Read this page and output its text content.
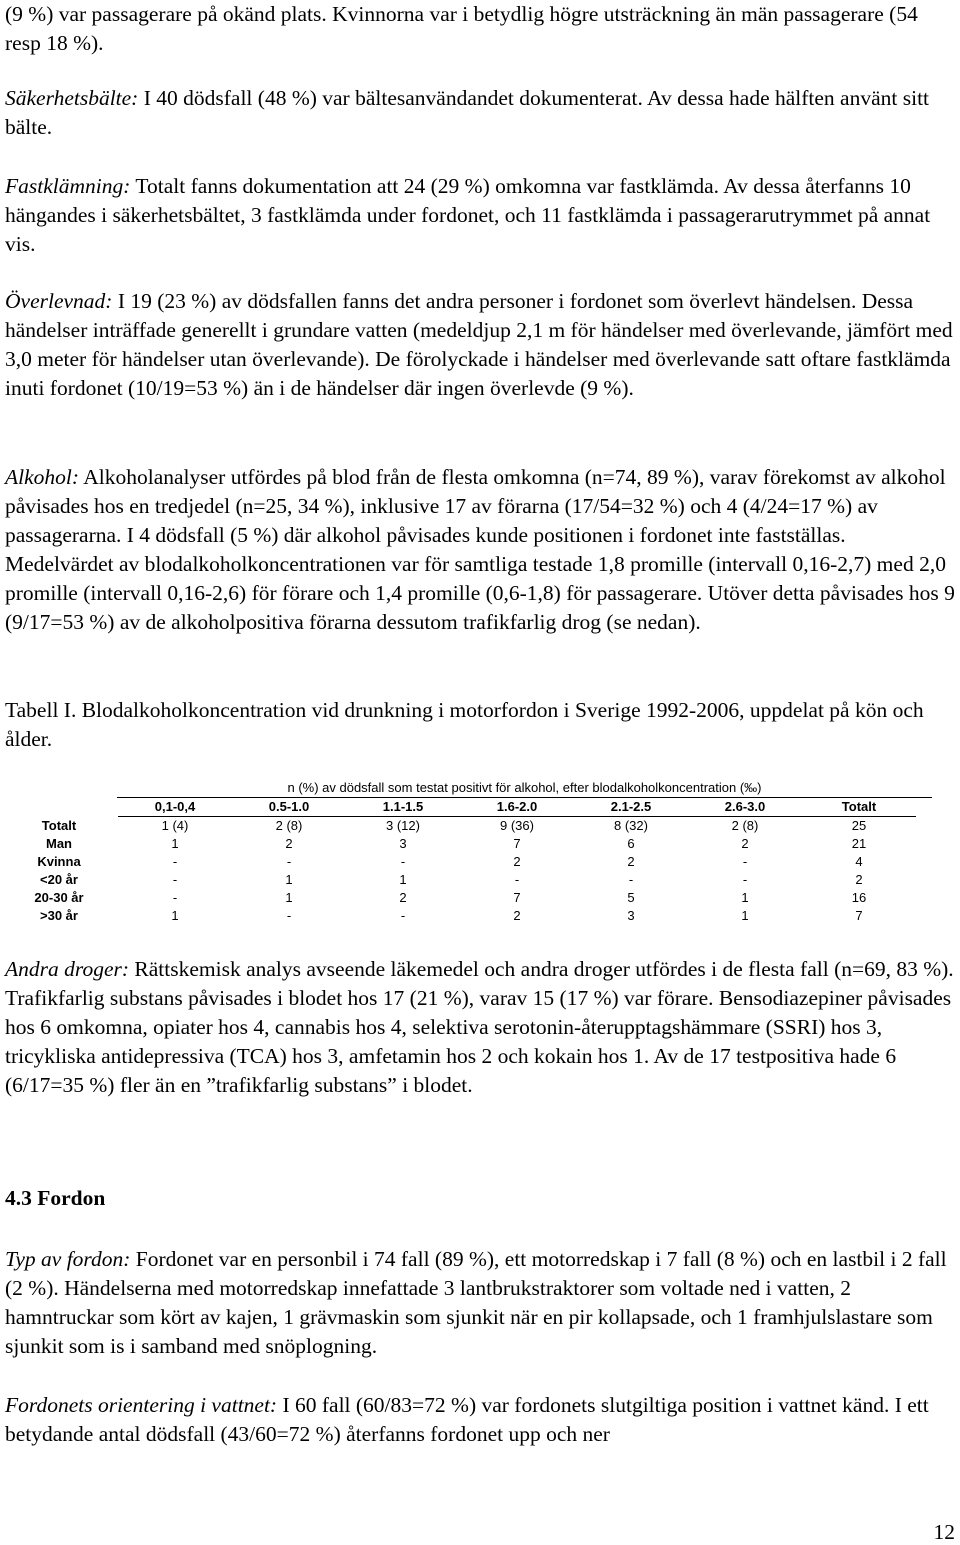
(9 %) var passagerare på okänd plats. Kvinnorna var i betydlig högre utsträckning än män passagerare (54 resp 18 %).

Säkerhetsbälte: I 40 dödsfall (48 %) var bältesanvändandet dokumenterat. Av dessa hade hälften använt sitt bälte.

Fastklämning: Totalt fanns dokumentation att 24 (29 %) omkomna var fastklämda. Av dessa återfanns 10 hängandes i säkerhetsbältet, 3 fastklämda under fordonet, och 11 fastklämda i passagerarutrymmet på annat vis.

Överlevnad: I 19 (23 %) av dödsfallen fanns det andra personer i fordonet som överlevt händelsen. Dessa händelser inträffade generellt i grundare vatten (medeldjup 2,1 m för händelser med överlevande, jämfört med 3,0 meter för händelser utan överlevande). De förolyckade i händelser med överlevande satt oftare fastklämda inuti fordonet (10/19=53 %) än i de händelser där ingen överlevde (9 %).

Alkohol: Alkoholanalyser utfördes på blod från de flesta omkomna (n=74, 89 %), varav förekomst av alkohol påvisades hos en tredjedel (n=25, 34 %), inklusive 17 av förarna (17/54=32 %) och 4 (4/24=17 %) av passagerarna. I 4 dödsfall (5 %) där alkohol påvisades kunde positionen i fordonet inte fastställas. Medelvärdet av blodalkoholkoncentrationen var för samtliga testade 1,8 promille (intervall 0,16-2,7) med 2,0 promille (intervall 0,16-2,6) för förare och 1,4 promille (0,6-1,8) för passagerare. Utöver detta påvisades hos 9 (9/17=53 %) av de alkoholpositiva förarna dessutom trafikfarlig drog (se nedan).

Tabell I. Blodalkoholkoncentration vid drunkning i motorfordon i Sverige 1992-2006, uppdelat på kön och ålder.

n (%) av dödsfall som testat positivt för alkohol, efter blodalkoholkoncentration (‰)
	0,1-0,4	0.5-1.0	1.1-1.5	1.6-2.0	2.1-2.5	2.6-3.0	Totalt
Totalt	1 (4)	2 (8)	3 (12)	9 (36)	8 (32)	2 (8)	25
Man	1	2	3	7	6	2	21
Kvinna	-	-	-	2	2	-	4
<20 år	-	1	1	-	-	-	2
20-30 år	-	1	2	7	5	1	16
>30 år	1	-	-	2	3	1	7

Andra droger: Rättskemisk analys avseende läkemedel och andra droger utfördes i de flesta fall (n=69, 83 %). Trafikfarlig substans påvisades i blodet hos 17 (21 %), varav 15 (17 %) var förare. Bensodiazepiner påvisades hos 6 omkomna, opiater hos 4, cannabis hos 4, selektiva serotonin-återupptagshämmare (SSRI) hos 3, tricykliska antidepressiva (TCA) hos 3, amfetamin hos 2 och kokain hos 1. Av de 17 testpositiva hade 6 (6/17=35 %) fler än en ”trafikfarlig substans” i blodet.

4.3 Fordon

Typ av fordon: Fordonet var en personbil i 74 fall (89 %), ett motorredskap i 7 fall (8 %) och en lastbil i 2 fall (2 %). Händelserna med motorredskap innefattade 3 lantbrukstraktorer som voltade ned i vatten, 2 hamntruckar som kört av kajen, 1 grävmaskin som sjunkit när en pir kollapsade, och 1 framhjulslastare som sjunkit som is i samband med snöplogning.

Fordonets orientering i vattnet: I 60 fall (60/83=72 %) var fordonets slutgiltiga position i vattnet känd. I ett betydande antal dödsfall (43/60=72 %) återfanns fordonet upp och ner

12
